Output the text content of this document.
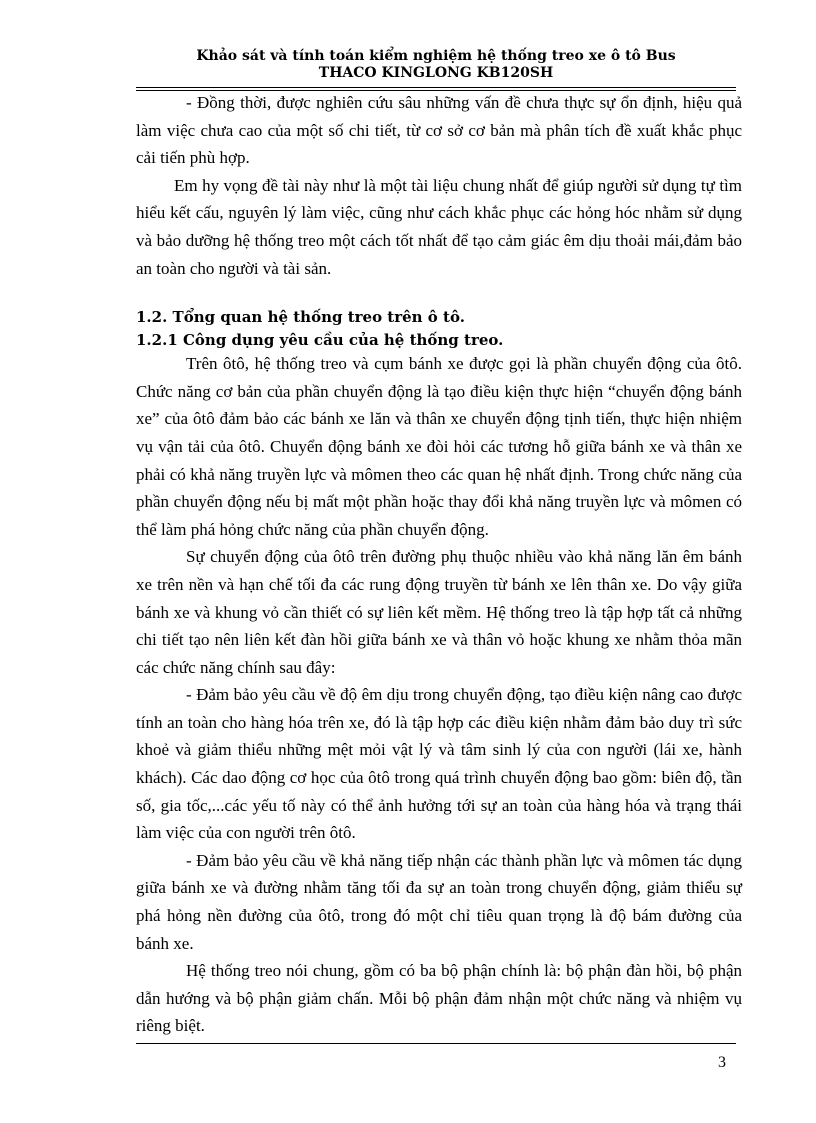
Khảo sát và tính toán kiểm nghiệm hệ thống treo xe ô tô Bus
THACO KINGLONG KB120SH

- Đồng thời, được nghiên cứu sâu những vấn đề chưa thực sự ổn định, hiệu quả làm việc chưa cao của một số chi tiết, từ cơ sở cơ bản mà phân tích đề xuất khắc phục cải tiến phù hợp.

Em hy vọng đề tài này như là một tài liệu chung nhất để giúp người sử dụng tự tìm hiểu kết cấu, nguyên lý làm việc, cũng như cách khắc phục các hỏng hóc nhằm sử dụng và bảo dưỡng hệ thống treo một cách tốt nhất để tạo cảm giác êm dịu thoải mái,đảm bảo an toàn cho người và tài sản.

1.2. Tổng quan hệ thống treo trên ô tô.
1.2.1 Công dụng yêu cầu của hệ thống treo.

Trên ôtô, hệ thống treo và cụm bánh xe được gọi là phần chuyển động của ôtô. Chức năng cơ bản của phần chuyển động là tạo điều kiện thực hiện “chuyển động bánh xe” của ôtô đảm bảo các bánh xe lăn và thân xe chuyển động tịnh tiến, thực hiện nhiệm vụ vận tải của ôtô. Chuyển động bánh xe đòi hỏi các tương hỗ giữa bánh xe và thân xe phải có khả năng truyền lực và mômen theo các quan hệ nhất định. Trong chức năng của phần chuyển động nếu bị mất một phần hoặc thay đổi khả năng truyền lực và mômen có thể làm phá hỏng chức năng của phần chuyển động.

Sự chuyển động của ôtô trên đường phụ thuộc nhiều vào khả năng lăn êm bánh xe trên nền và hạn chế tối đa các rung động truyền từ bánh xe lên thân xe. Do vậy giữa bánh xe và khung vỏ cần thiết có sự liên kết mềm. Hệ thống treo là tập hợp tất cả những chi tiết tạo nên liên kết đàn hồi giữa bánh xe và thân vỏ hoặc khung xe nhằm thỏa mãn các chức năng chính sau đây:

- Đảm bảo yêu cầu về độ êm dịu trong chuyển động, tạo điều kiện nâng cao được tính an toàn cho hàng hóa trên xe, đó là tập hợp các điều kiện nhằm đảm bảo duy trì sức khoẻ và giảm thiểu những mệt mỏi vật lý và tâm sinh lý của con người (lái xe, hành khách). Các dao động cơ học của ôtô trong quá trình chuyển động bao gồm: biên độ, tần số, gia tốc,...các yếu tố này có thể ảnh hưởng tới sự an toàn của hàng hóa và trạng thái làm việc của con người trên ôtô.

- Đảm bảo yêu cầu về khả năng tiếp nhận các thành phần lực và mômen tác dụng giữa bánh xe và đường nhằm tăng tối đa sự an toàn trong chuyển động, giảm thiểu sự phá hỏng nền đường của ôtô, trong đó một chỉ tiêu quan trọng là độ bám đường của bánh xe.

Hệ thống treo nói chung, gồm có ba bộ phận chính là: bộ phận đàn hồi, bộ phận dẫn hướng và bộ phận giảm chấn. Mỗi bộ phận đảm nhận một chức năng và nhiệm vụ riêng biệt.

3
